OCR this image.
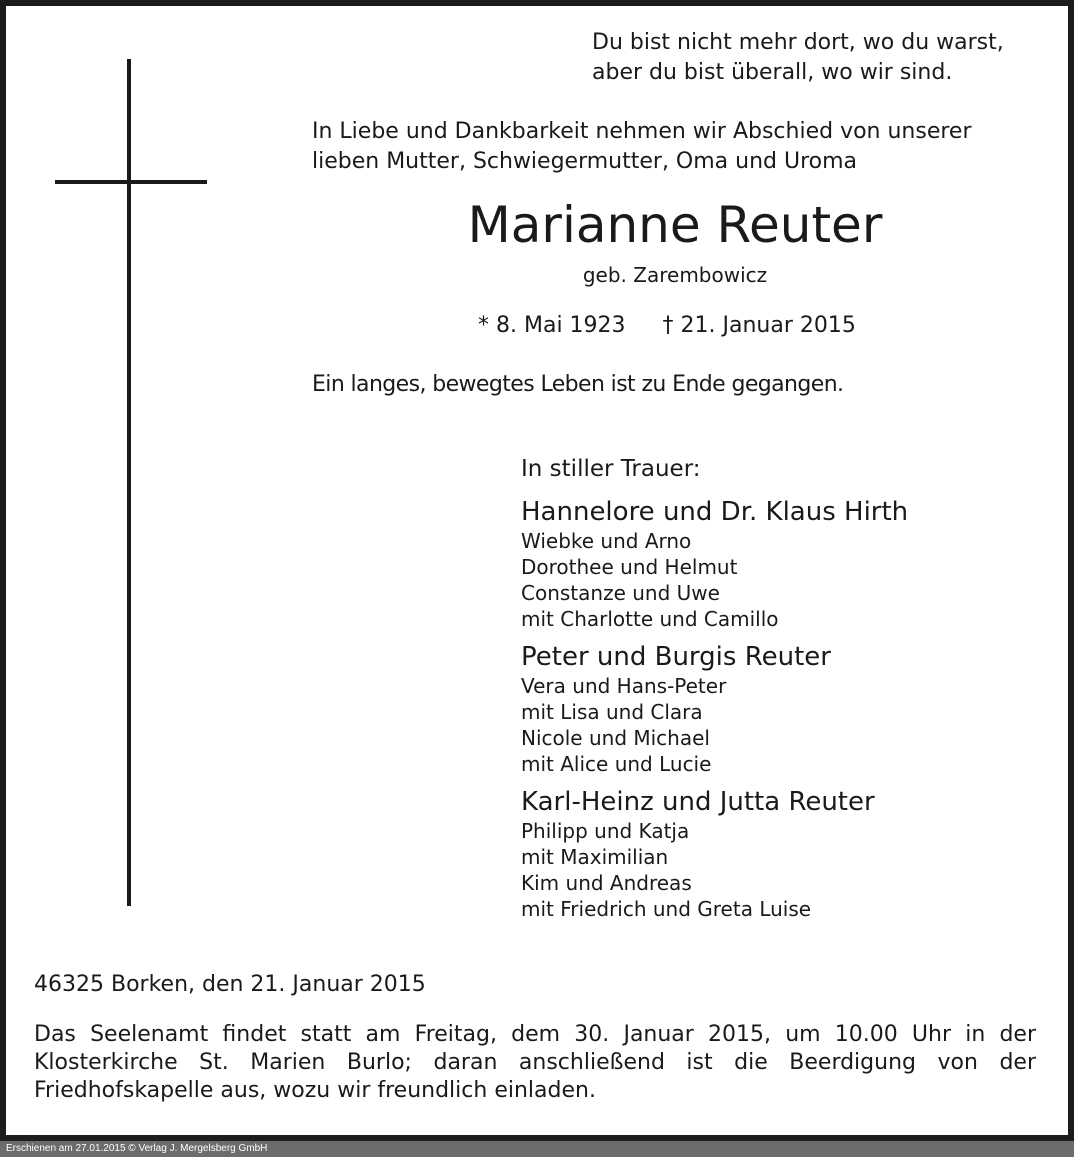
Du bist nicht mehr dort, wo du warst,
aber du bist überall, wo wir sind.
In Liebe und Dankbarkeit nehmen wir Abschied von unserer
lieben Mutter, Schwiegermutter, Oma und Uroma
Marianne Reuter
geb. Zarembowicz
* 8. Mai 1923 † 21. Januar 2015
Ein langes, bewegtes Leben ist zu Ende gegangen.
In stiller Trauer:
Hannelore und Dr. Klaus Hirth
Wiebke und Arno
Dorothee und Helmut
Constanze und Uwe
mit Charlotte und Camillo
Peter und Burgis Reuter
Vera und Hans-Peter
mit Lisa und Clara
Nicole und Michael
mit Alice und Lucie
Karl-Heinz und Jutta Reuter
Philipp und Katja
mit Maximilian
Kim und Andreas
mit Friedrich und Greta Luise
46325 Borken, den 21. Januar 2015

Das Seelenamt findet statt am Freitag, dem 30. Januar 2015, um 10.00 Uhr in der Klosterkirche St. Marien Burlo; daran anschließend ist die Beerdigung von der Friedhofskapelle aus, wozu wir freundlich einladen.

Erschienen am 27.01.2015 © Verlag J. Mergelsberg GmbH
